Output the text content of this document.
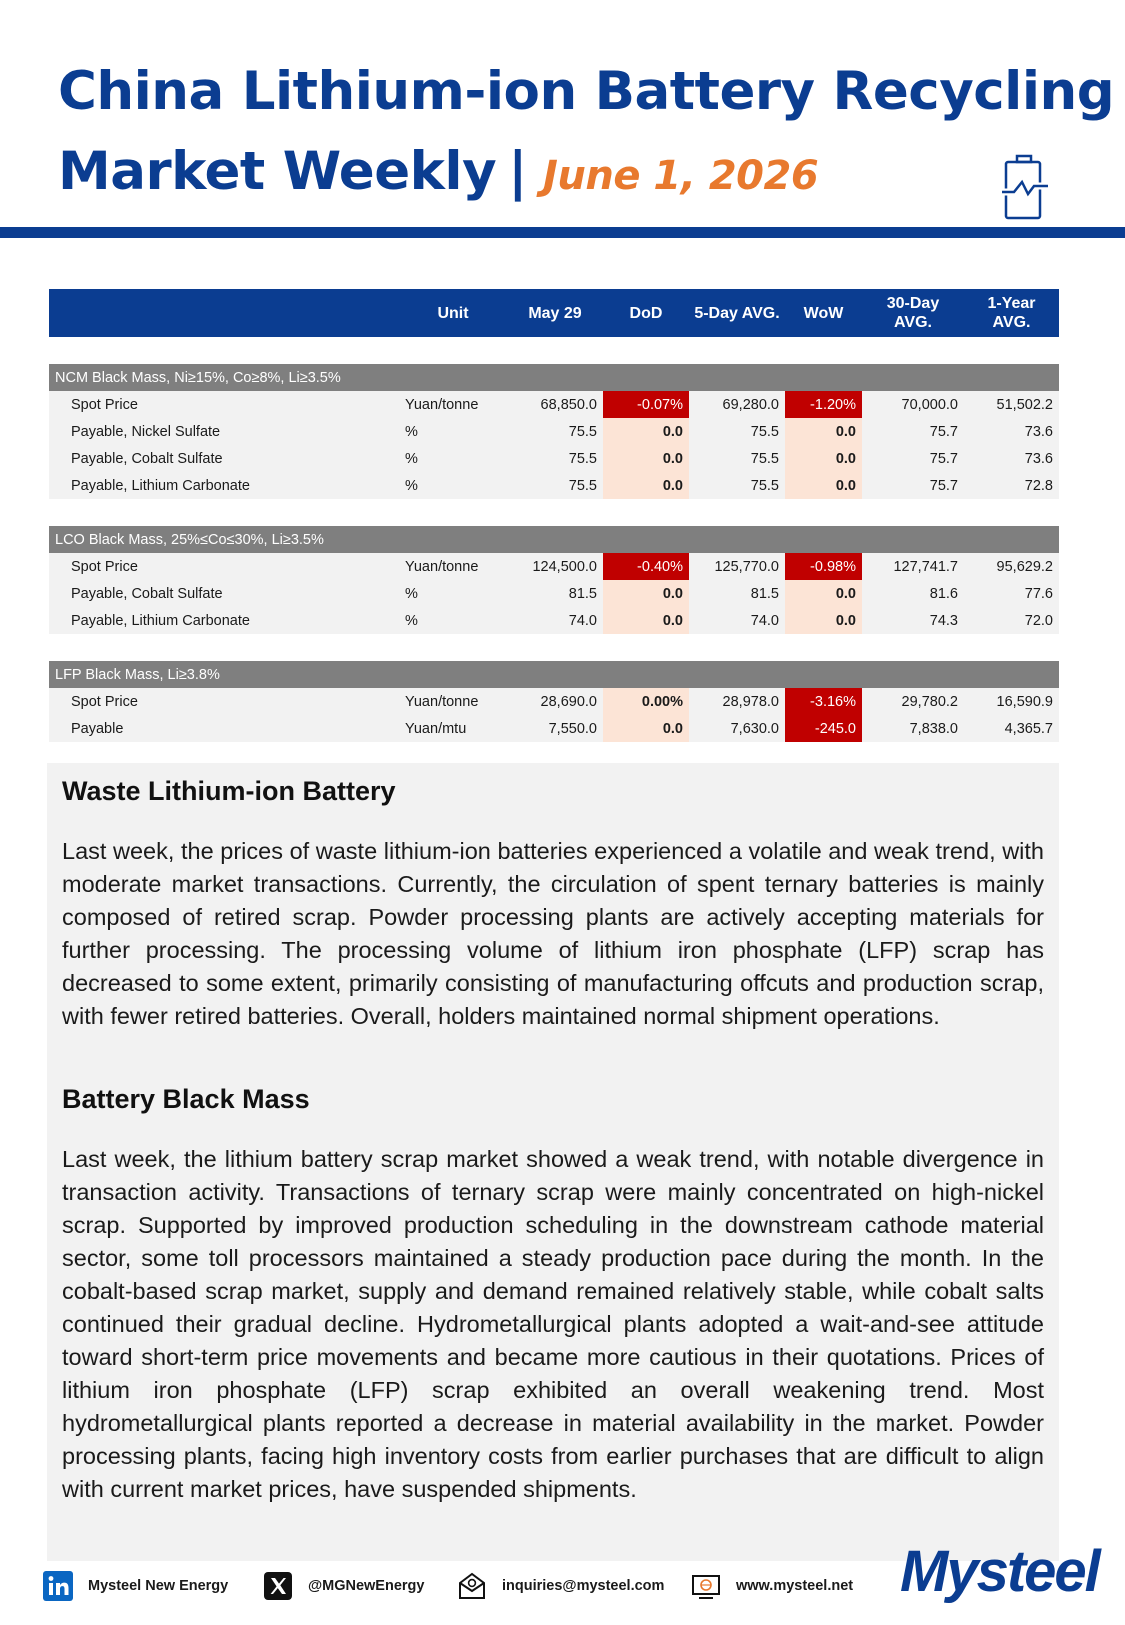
China Lithium-ion Battery Recycling
Market Weekly | June 1, 2026
	Unit	May 29	DoD	5-Day AVG.	WoW	30-Day AVG.	1-Year AVG.

NCM Black Mass, Ni≥15%, Co≥8%, Li≥3.5%							
Spot Price	Yuan/tonne	68,850.0	-0.07%	69,280.0	-1.20%	70,000.0	51,502.2
Payable, Nickel Sulfate	%	75.5	0.0	75.5	0.0	75.7	73.6
Payable, Cobalt Sulfate	%	75.5	0.0	75.5	0.0	75.7	73.6
Payable, Lithium Carbonate	%	75.5	0.0	75.5	0.0	75.7	72.8

LCO Black Mass, 25%≤Co≤30%, Li≥3.5%							
Spot Price	Yuan/tonne	124,500.0	-0.40%	125,770.0	-0.98%	127,741.7	95,629.2
Payable, Cobalt Sulfate	%	81.5	0.0	81.5	0.0	81.6	77.6
Payable, Lithium Carbonate	%	74.0	0.0	74.0	0.0	74.3	72.0

LFP Black Mass, Li≥3.8%							
Spot Price	Yuan/tonne	28,690.0	0.00%	28,978.0	-3.16%	29,780.2	16,590.9
Payable	Yuan/mtu	7,550.0	0.0	7,630.0	-245.0	7,838.0	4,365.7
Waste Lithium-ion Battery

Last week, the prices of waste lithium-ion batteries experienced a volatile and weak trend, with moderate market transactions. Currently, the circulation of spent ternary batteries is mainly composed of retired scrap. Powder processing plants are actively accepting materials for further processing. The processing volume of lithium iron phosphate (LFP) scrap has decreased to some extent, primarily consisting of manufacturing offcuts and production scrap, with fewer retired batteries. Overall, holders maintained normal shipment operations.

Battery Black Mass

Last week, the lithium battery scrap market showed a weak trend, with notable divergence in transaction activity. Transactions of ternary scrap were mainly concentrated on high-nickel scrap. Supported by improved production scheduling in the downstream cathode material sector, some toll processors maintained a steady production pace during the month. In the cobalt-based scrap market, supply and demand remained relatively stable, while cobalt salts continued their gradual decline. Hydrometallurgical plants adopted a wait-and-see attitude toward short-term price movements and became more cautious in their quotations. Prices of lithium iron phosphate (LFP) scrap exhibited an overall weakening trend. Most hydrometallurgical plants reported a decrease in material availability in the market. Powder processing plants, facing high inventory costs from earlier purchases that are difficult to align with current market prices, have suspended shipments.

Mysteel New Energy	@MGNewEnergy	inquiries@mysteel.com	www.mysteel.net Mysteel
